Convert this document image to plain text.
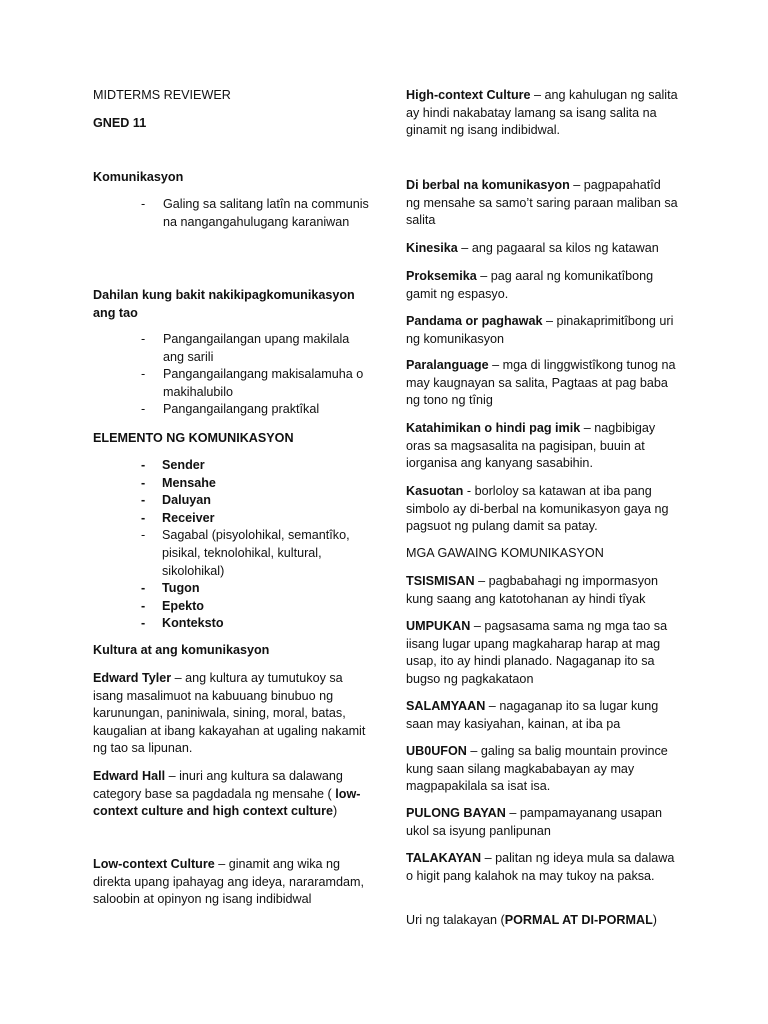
MIDTERMS REVIEWER
GNED 11
Komunikasyon
- Galing sa salitang latîn na communis na nangangahulugang karaniwan
Dahilan kung bakit nakikipagkomunikasyon ang tao
- Pangangailangan upang makilala ang sarili
- Pangangailangang makisalamuha o makihalubilo
- Pangangailangang praktîkal
ELEMENTO NG KOMUNIKASYON
- Sender
- Mensahe
- Daluyan
- Receiver
- Sagabal (pisyolohikal, semantîko, pisikal, teknolohikal, kultural, sikolohikal)
- Tugon
- Epekto
- Konteksto
Kultura at ang komunikasyon
Edward Tyler – ang kultura ay tumutukoy sa isang masalimuot na kabuuang binubuo ng karunungan, paniniwala, sining, moral, batas, kaugalian at ibang kakayahan at ugaling nakamit ng tao sa lipunan.
Edward Hall – inuri ang kultura sa dalawang category base sa pagdadala ng mensahe ( low-context culture and high context culture)
Low-context Culture – ginamit ang wika ng direkta upang ipahayag ang ideya, nararamdam, saloobin at opinyon ng isang indibidwal
High-context Culture – ang kahulugan ng salita ay hindi nakabatay lamang sa isang salita na ginamit ng isang indibidwal.
Di berbal na komunikasyon – pagpapahatîd ng mensahe sa samo’t saring paraan maliban sa salita
Kinesika – ang pagaaral sa kilos ng katawan
Proksemika – pag aaral ng komunikatîbong gamit ng espasyo.
Pandama or paghawak – pinakaprimitîbong uri ng komunikasyon
Paralanguage – mga di linggwistîkong tunog na may kaugnayan sa salita, Pagtaas at pag baba ng tono ng tînig
Katahimikan o hindi pag imik – nagbibigay oras sa magsasalita na pagisipan, buuin at iorganisa ang kanyang sasabihin.
Kasuotan - borloloy sa katawan at iba pang simbolo ay di-berbal na komunikasyon gaya ng pagsuot ng pulang damit sa patay.
MGA GAWAING KOMUNIKASYON
TSISMISAN – pagbabahagi ng impormasyon kung saang ang katotohanan ay hindi tîyak
UMPUKAN – pagsasama sama ng mga tao sa iisang lugar upang magkaharap harap at mag usap, ito ay hindi planado. Nagaganap ito sa bugso ng pagkakataon
SALAMYAAN – nagaganap ito sa lugar kung saan may kasiyahan, kainan, at iba pa
UB0UFON – galing sa balig mountain province kung saan silang magkababayan ay may magpapakilala sa isat isa.
PULONG BAYAN – pampamayanang usapan ukol sa isyung panlipunan
TALAKAYAN – palitan ng ideya mula sa dalawa o higit pang kalahok na may tukoy na paksa.
Uri ng talakayan (PORMAL AT DI-PORMAL)
